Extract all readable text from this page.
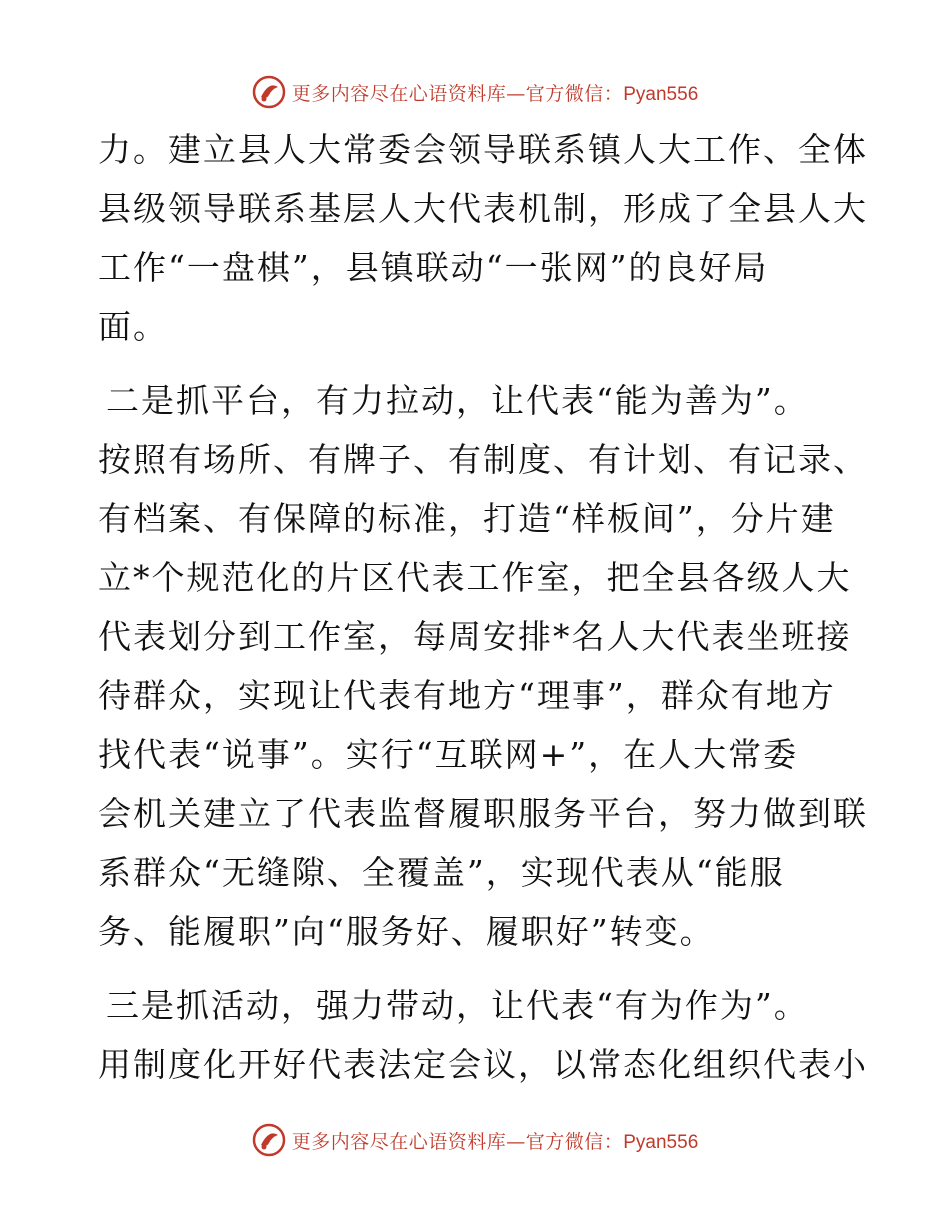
更多内容尽在心语资料库—官方微信：Pyan556
力。建立县人大常委会领导联系镇人大工作、全体
县级领导联系基层人大代表机制，形成了全县人大
工作“一盘棋”，县镇联动“一张网”的良好局
面。
二是抓平台，有力拉动，让代表“能为善为”。
按照有场所、有牌子、有制度、有计划、有记录、
有档案、有保障的标准，打造“样板间”，分片建
立*个规范化的片区代表工作室，把全县各级人大
代表划分到工作室，每周安排*名人大代表坐班接
待群众，实现让代表有地方“理事”，群众有地方
找代表“说事”。实行“互联网+”，在人大常委
会机关建立了代表监督履职服务平台，努力做到联
系群众“无缝隙、全覆盖”，实现代表从“能服
务、能履职”向“服务好、履职好”转变。
三是抓活动，强力带动，让代表“有为作为”。
用制度化开好代表法定会议，以常态化组织代表小
更多内容尽在心语资料库—官方微信：Pyan556
